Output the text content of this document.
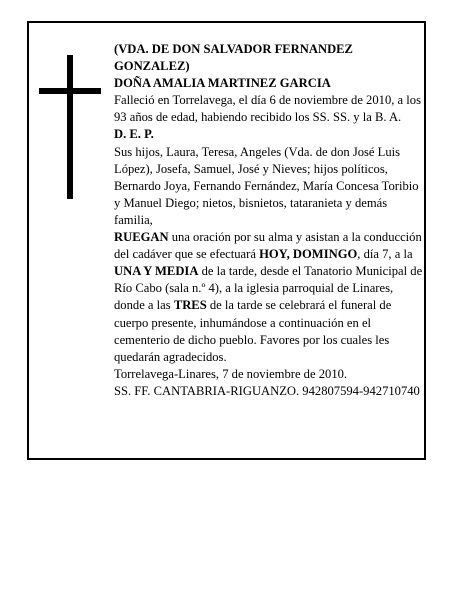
(VDA. DE DON SALVADOR FERNANDEZ GONZALEZ)

DOÑA AMALIA MARTINEZ GARCIA

Falleció en Torrelavega, el día 6 de noviembre de 2010, a los 93 años de edad, habiendo recibido los SS. SS. y la B. A.

D. E. P.

Sus hijos, Laura, Teresa, Angeles (Vda. de don José Luis López), Josefa, Samuel, José y Nieves; hijos políticos, Bernardo Joya, Fernando Fernández, María Concesa Toribio y Manuel Diego; nietos, bisnietos, tataranieta y demás familia,

RUEGAN una oración por su alma y asistan a la conducción del cadáver que se efectuará HOY, DOMINGO, día 7, a la UNA Y MEDIA de la tarde, desde el Tanatorio Municipal de Río Cabo (sala n.º 4), a la iglesia parroquial de Linares, donde a las TRES de la tarde se celebrará el funeral de cuerpo presente, inhumándose a continuación en el cementerio de dicho pueblo. Favores por los cuales les quedarán agradecidos.

Torrelavega-Linares, 7 de noviembre de 2010.

SS. FF. CANTABRIA-RIGUANZO. 942807594-942710740
